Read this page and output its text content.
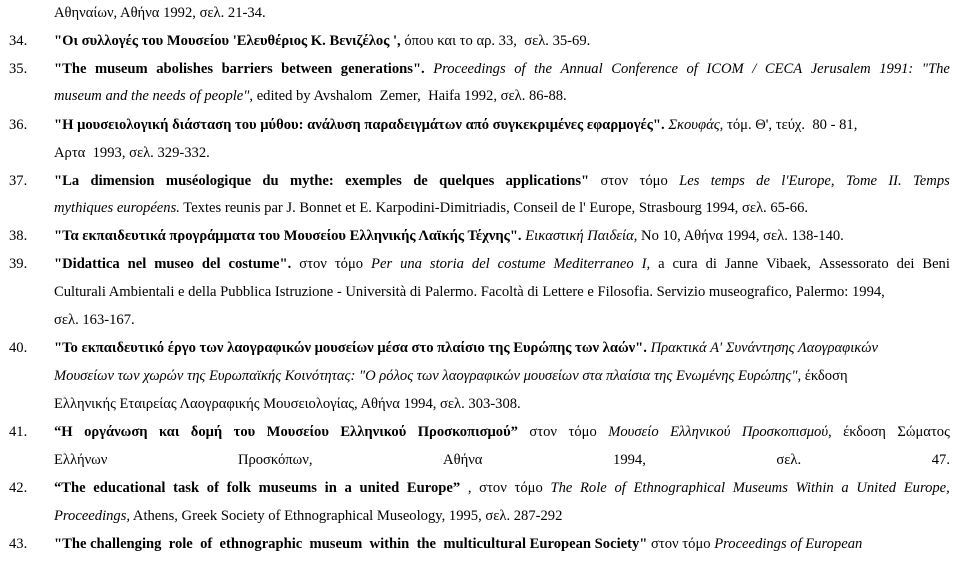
Αθηναίων, Αθήνα 1992, σελ. 21-34.
34. "Οι συλλογές του Μουσείου 'Ελευθέριος Κ. Βενιζέλος ', όπου και το αρ. 33,  σελ. 35-69.
35. "The museum abolishes barriers between generations". Proceedings of the Annual Conference of ICOM / CECA Jerusalem 1991: "The
museum and the needs of people", edited by Avshalom  Zemer,  Haifa 1992, σελ. 86-88.
36. "Η μουσειολογική διάσταση του μύθου: ανάλυση παραδειγμάτων από συγκεκριμένες εφαρμογές". Σκουφάς, τόμ. Θ', τεύχ.  80 - 81,
Αρτα  1993, σελ. 329-332.
37. "La dimension muséologique du mythe: exemples de quelques applications" στον τόμο Les temps de l'Europe, Tome II. Temps
mythiques européens. Textes reunis par J. Bonnet et E. Karpodini-Dimitriadis, Conseil de l' Europe, Strasbourg 1994, σελ. 65-66.
38. "Τα εκπαιδευτικά προγράμματα του Μουσείου Ελληνικής Λαϊκής Τέχνης". Εικαστική Παιδεία, Νο 10, Αθήνα 1994, σελ. 138-140.
39. "Didattica nel museo del costume". στον τόμο Per una storia del costume Mediterraneo I, a cura di Janne Vibaek, Assessorato dei Beni
Culturali Ambientali e della Pubblica Istruzione - Università di Palermo. Facoltà di Lettere e Filosofia. Servizio museografico, Palermo: 1994,
σελ. 163-167.
40. "Το εκπαιδευτικό έργο των λαογραφικών μουσείων μέσα στο πλαίσιο της Ευρώπης των λαών". Πρακτικά Α' Συνάντησης Λαογραφικών
Μουσείων των χωρών της Ευρωπαϊκής Κοινότητας: "Ο ρόλος των λαογραφικών μουσείων στα πλαίσια της Ενωμένης Ευρώπης", έκδοση
Ελληνικής Εταιρείας Λαογραφικής Μουσειολογίας, Αθήνα 1994, σελ. 303-308.
41. “Η οργάνωση και δομή του Μουσείου Ελληνικού Προσκοπισμού” στον τόμο Μουσείο Ελληνικού Προσκοπισμού, έκδοση Σώματος
Ελλήνων	Προσκόπων,	Αθήνα	1994,	σελ.	47.
42. “The educational task of folk museums in a united Europe” , στον τόμο The Role of Ethnographical Museums Within a United Europe,
Proceedings, Athens, Greek Society of Ethnographical Museology, 1995, σελ. 287-292
43. "The challenging  role  of  ethnographic  museum  within  the  multicultural European Society" στον τόμο Proceedings of European
